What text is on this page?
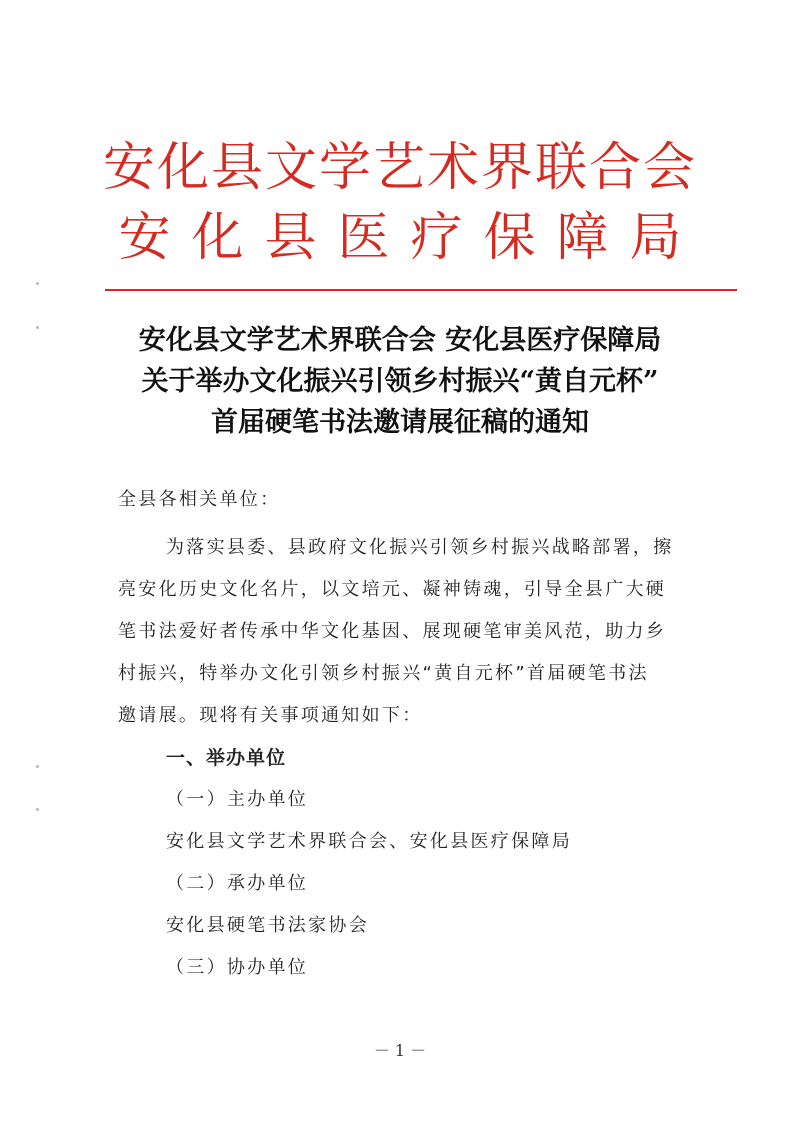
安化县文学艺术界联合会
安化县医疗保障局
安化县文学艺术界联合会 安化县医疗保障局
关于举办文化振兴引领乡村振兴“黄自元杯”
首届硬笔书法邀请展征稿的通知
全县各相关单位：
为落实县委、县政府文化振兴引领乡村振兴战略部署，擦
亮安化历史文化名片，以文培元、凝神铸魂，引导全县广大硬
笔书法爱好者传承中华文化基因、展现硬笔审美风范，助力乡
村振兴，特举办文化引领乡村振兴“黄自元杯”首届硬笔书法
邀请展。现将有关事项通知如下：
一、举办单位
（一）主办单位
安化县文学艺术界联合会、安化县医疗保障局
（二）承办单位
安化县硬笔书法家协会
（三）协办单位
－ 1 －
